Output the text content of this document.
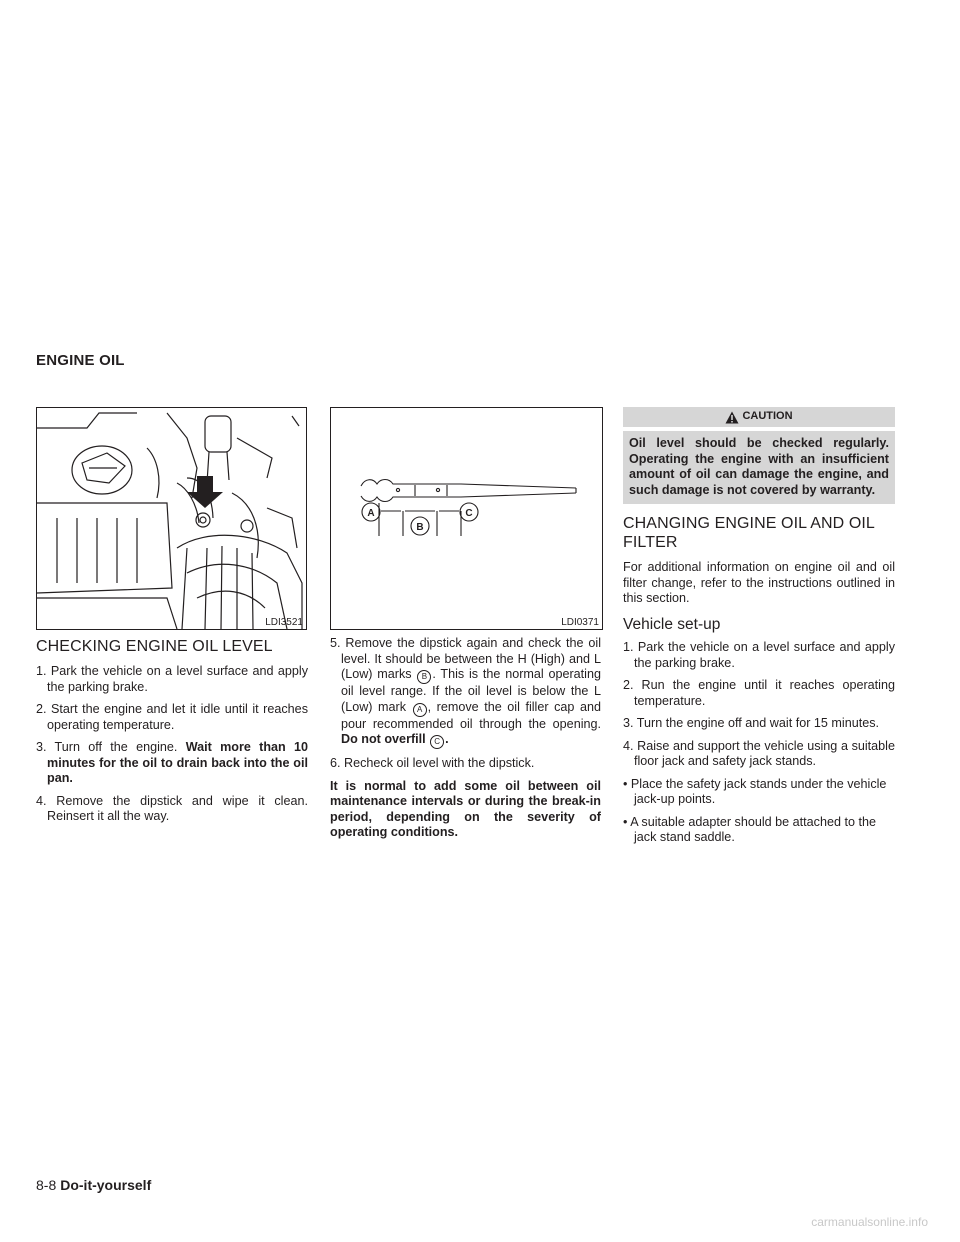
ENGINE OIL
LDI3521
A
B
C
LDI0371
CHECKING ENGINE OIL LEVEL

1. Park the vehicle on a level surface and apply the parking brake.

2. Start the engine and let it idle until it reaches operating temperature.

3. Turn off the engine. Wait more than 10 minutes for the oil to drain back into the oil pan.

4. Remove the dipstick and wipe it clean. Reinsert it all the way.

5. Remove the dipstick again and check the oil level. It should be between the H (High) and L (Low) marks B . This is the normal operating oil level range. If the oil level is below the L (Low) mark A , remove the oil filler cap and pour recommended oil through the opening. Do not overfill C .

6. Recheck oil level with the dipstick.

It is normal to add some oil between oil maintenance intervals or during the break-in period, depending on the severity of operating conditions.

CAUTION
Oil level should be checked regularly. Operating the engine with an insufficient amount of oil can damage the engine, and such damage is not covered by warranty.
CHANGING ENGINE OIL AND OIL FILTER

For additional information on engine oil and oil filter change, refer to the instructions outlined in this section.

Vehicle set-up

1. Park the vehicle on a level surface and apply the parking brake.

2. Run the engine until it reaches operating temperature.

3. Turn the engine off and wait for 15 minutes.

4. Raise and support the vehicle using a suitable floor jack and safety jack stands.

• Place the safety jack stands under the vehicle jack-up points.

• A suitable adapter should be attached to the jack stand saddle.

8-8 Do-it-yourself
carmanualsonline.info
